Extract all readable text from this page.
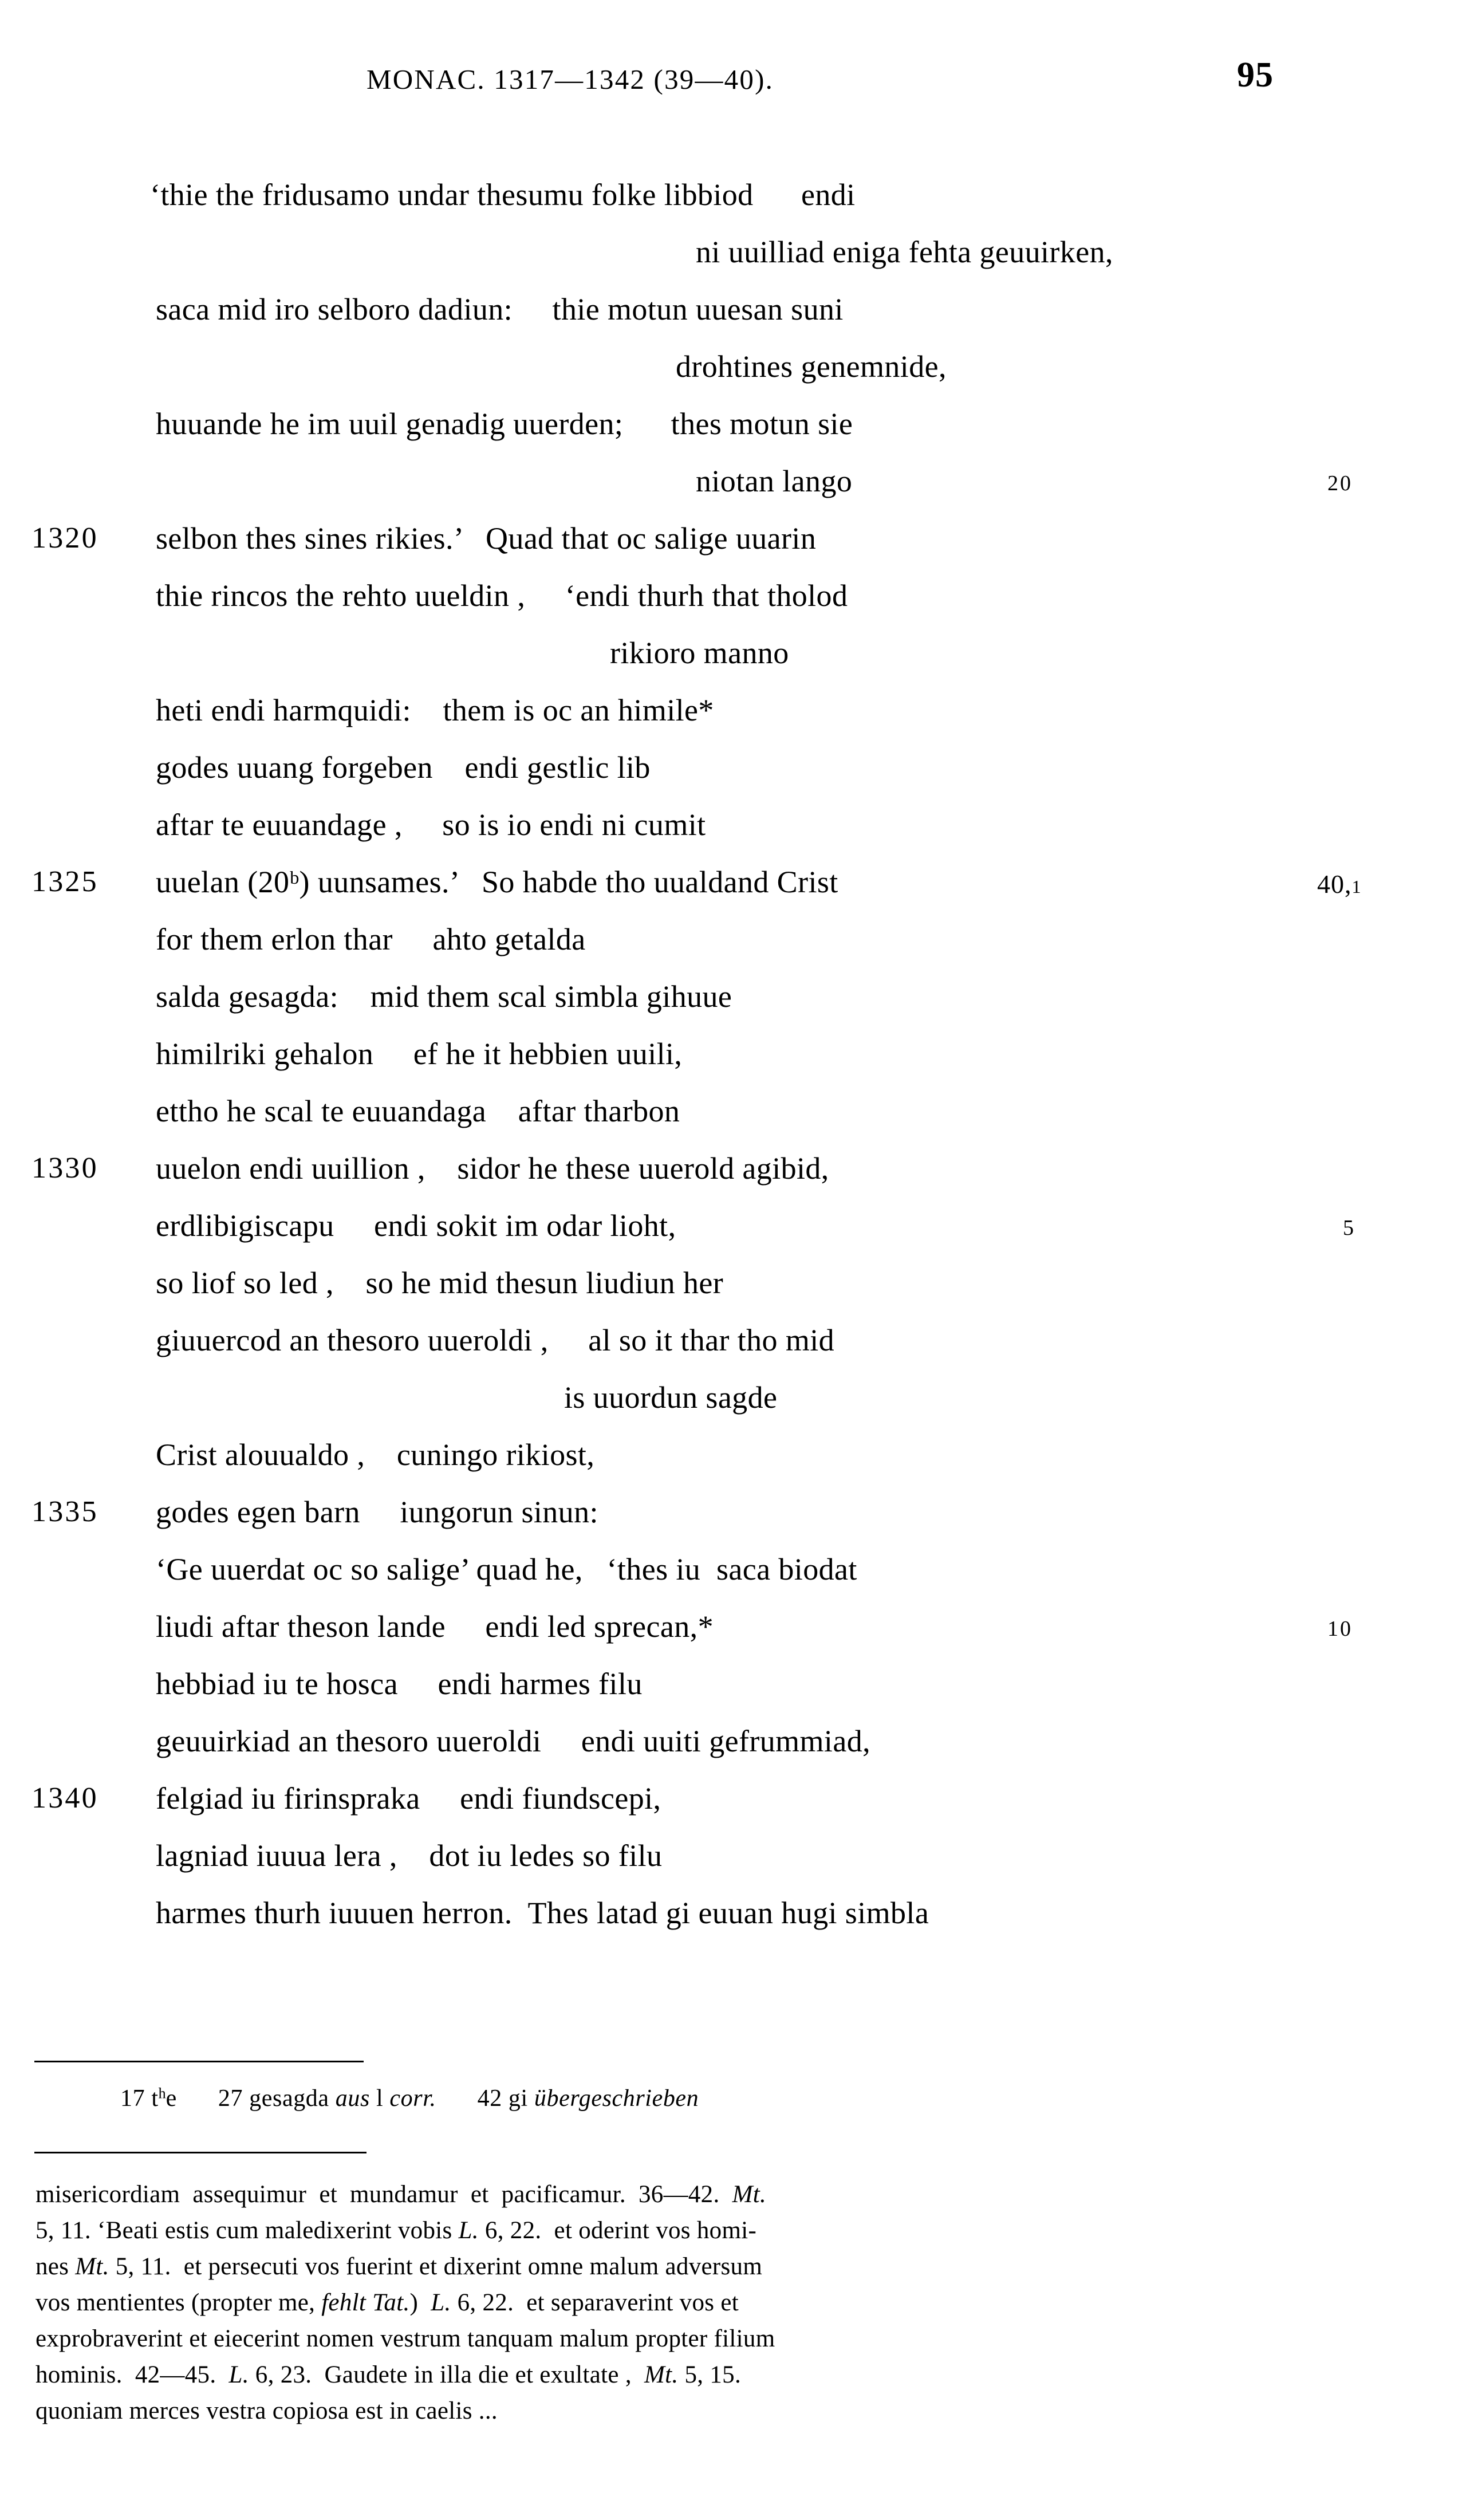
MONAC. 1317—1342 (39—40).	95
‘thie the fridusamo undar thesumu folke libbiod      endi
ni uuilliad eniga fehta geuuirken,
saca mid iro selboro dadiun:     thie motun uuesan suni
drohtines genemnide,
huuande he im uuil genadig uuerden;      thes motun sie
niotan lango	20
1320 selbon thes sines rikies.’   Quad that oc salige uuarin
thie rincos the rehto uueldin ,     ‘endi thurh that tholod
rikioro manno
heti endi harmquidi:    them is oc an himile*
godes uuang forgeben    endi gestlic lib
aftar te euuandage ,     so is io endi ni cumit
1325 uuelan (20ᵇ) uunsames.’   So habde tho uualdand Crist	40,1
for them erlon thar     ahto getalda
salda gesagda:    mid them scal simbla gihuue
himilriki gehalon     ef he it hebbien uuili,
ettho he scal te euuandaga    aftar tharbon
1330 uuelon endi uuillion ,    sidor he these uuerold agibid,
erdlibigiscapu     endi sokit im odar lioht,	5
so liof so led ,    so he mid thesun liudiun her
giuuercod an thesoro uueroldi ,     al so it thar tho mid
is uuordun sagde
Crist alouualdo ,    cuningo rikiost,
1335 godes egen barn     iungorun sinun:
‘Ge uuerdat oc so salige’ quad he,   ‘thes iu  saca biodat
liudi aftar theson lande     endi led sprecan,*	10
hebbiad iu te hosca     endi harmes filu
geuuirkiad an thesoro uueroldi     endi uuiti gefrummiad,
1340 felgiad iu firinspraka     endi fiundscepi,
lagniad iuuua lera ,    dot iu ledes so filu
harmes thurh iuuuen herron.  Thes latad gi euuan hugi simbla
17 $t^he$ 27 gesagda aus l corr. 42 gi übergeschrieben
misericordiam  assequimur  et  mundamur  et  pacificamur.  36—42.  Mt.
5, 11. ‘Beati estis cum maledixerint vobis L. 6, 22.  et oderint vos homi-
nes Mt. 5, 11.  et persecuti vos fuerint et dixerint omne malum adversum
vos mentientes (propter me, fehlt Tat.)  L. 6, 22.  et separaverint vos et
exprobraverint et eiecerint nomen vestrum tanquam malum propter filium
hominis.  42—45.  L. 6, 23.  Gaudete in illa die et exultate ,  Mt. 5, 15.
quoniam merces vestra copiosa est in caelis ...
